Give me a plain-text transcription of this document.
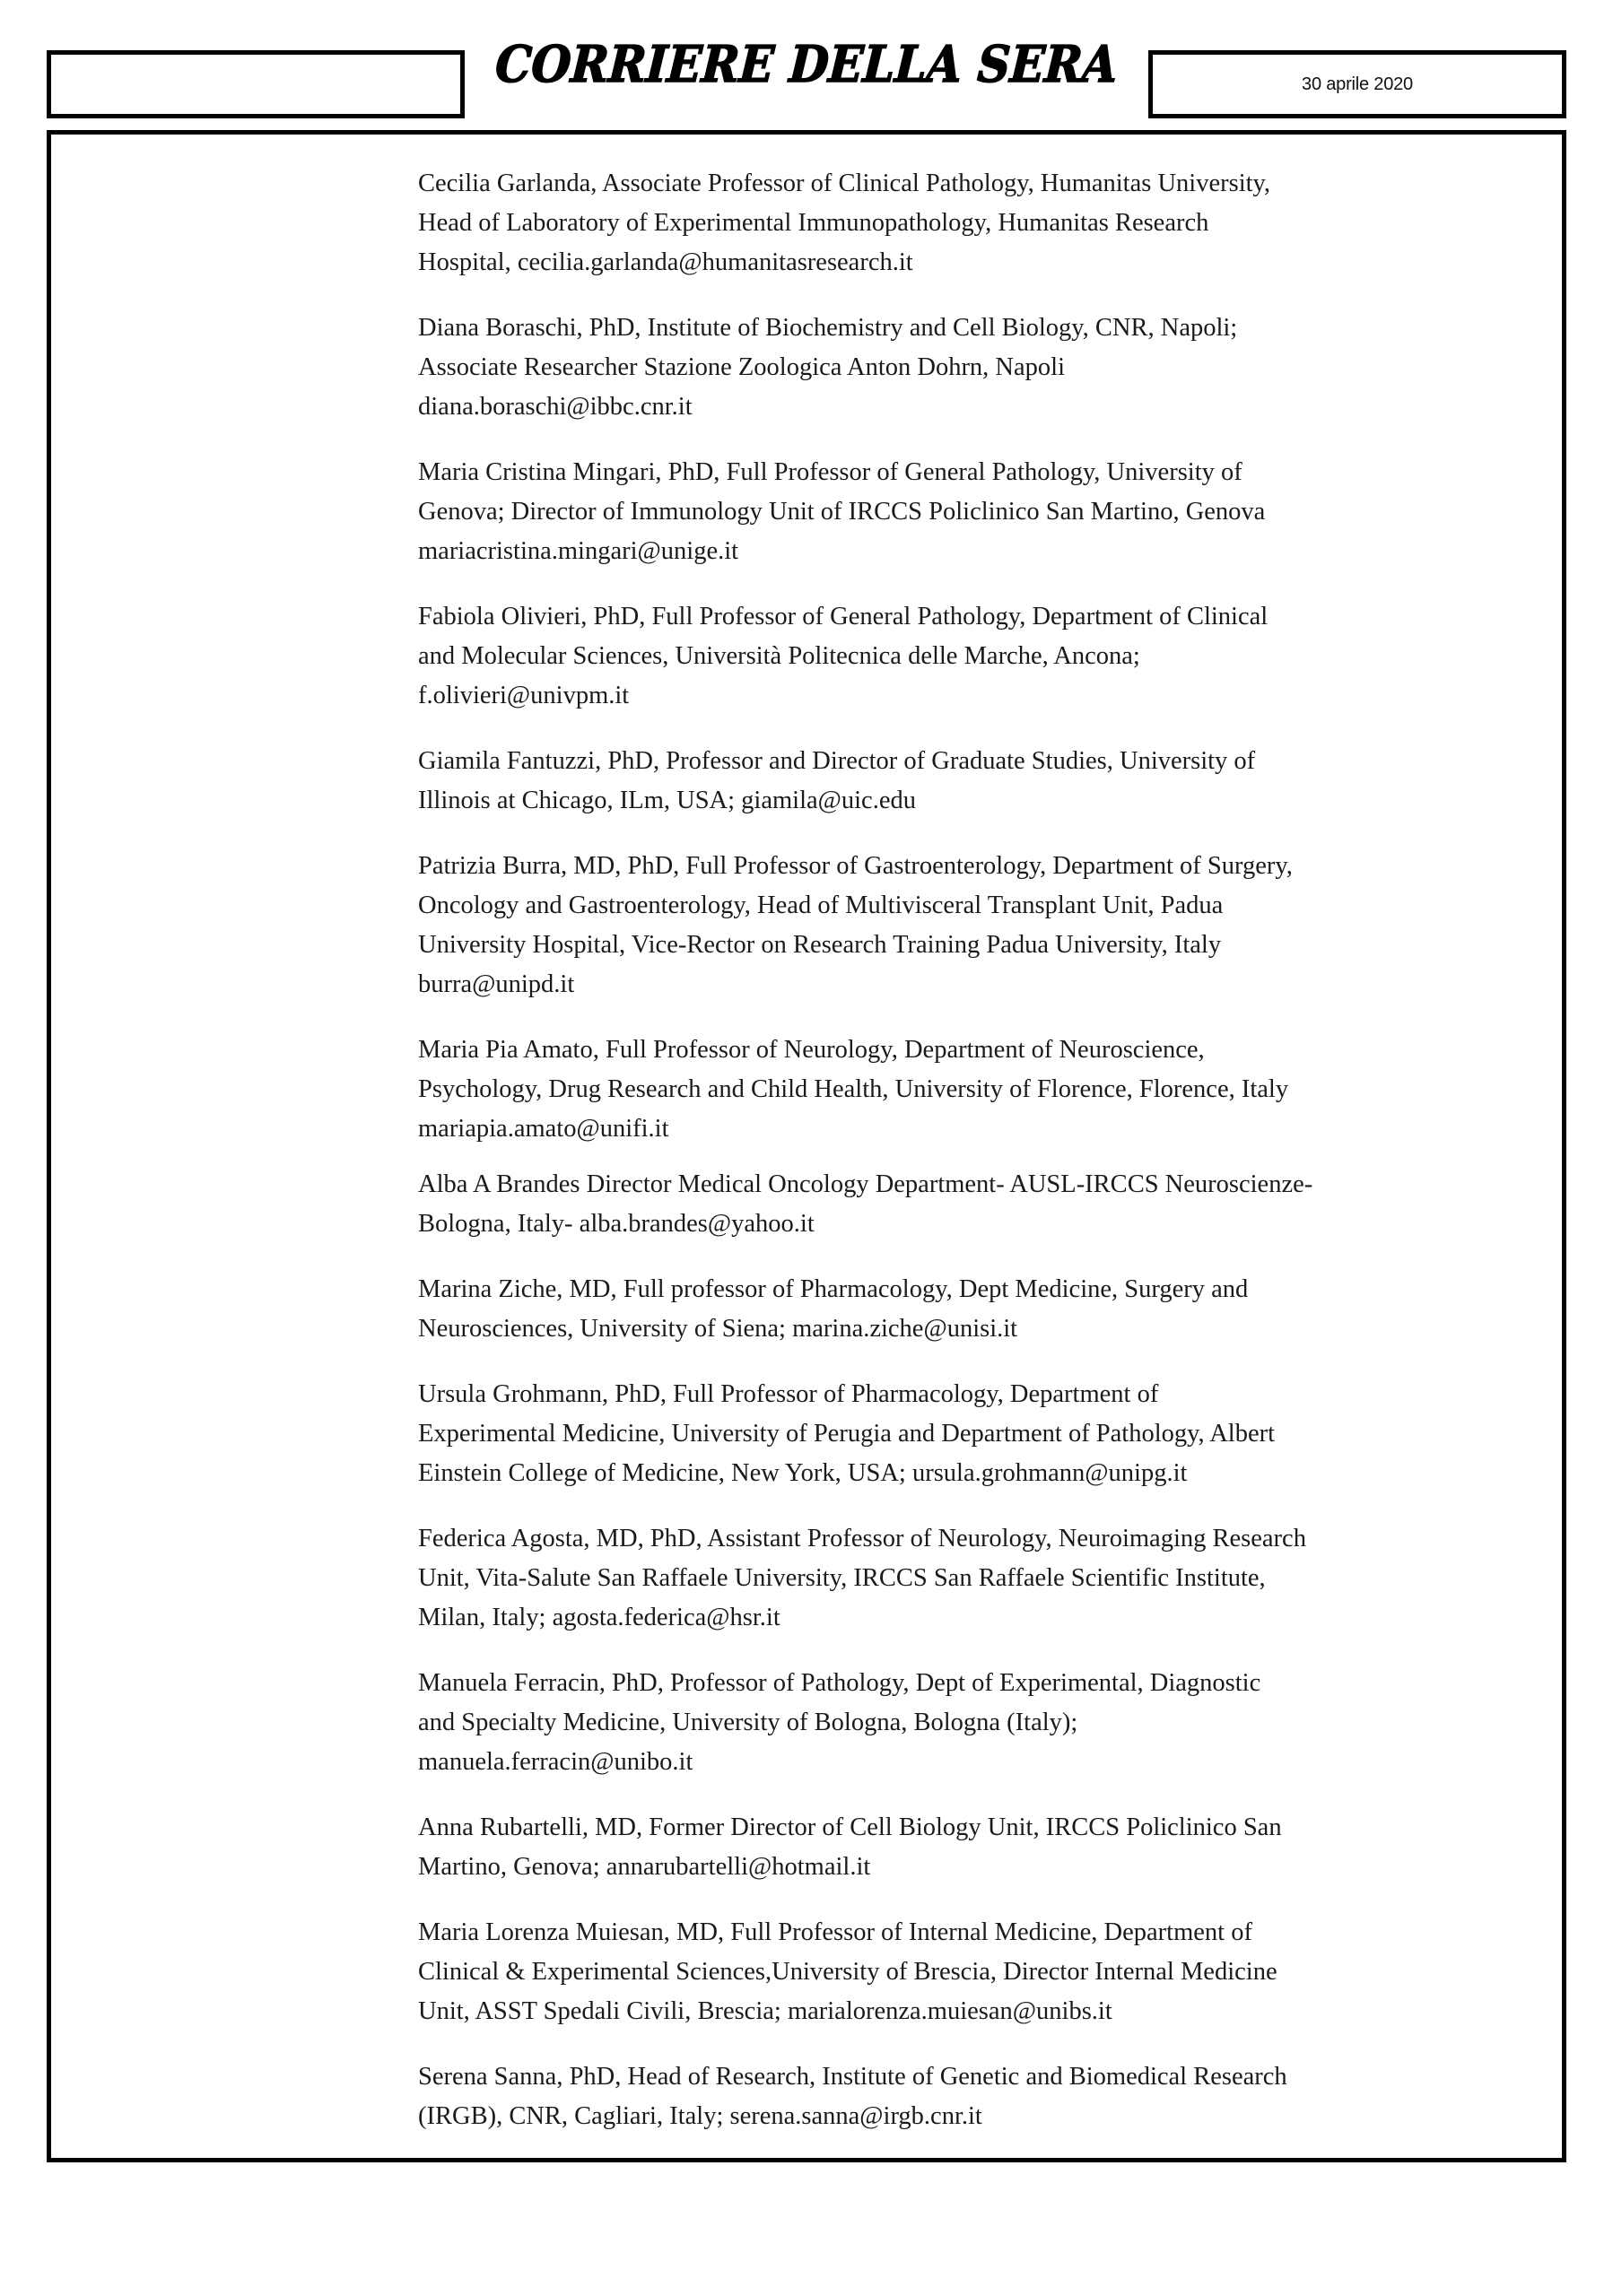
CORRIERE DELLA SERA	30 aprile 2020
Cecilia Garlanda, Associate Professor of Clinical Pathology, Humanitas University,
Head of Laboratory of Experimental Immunopathology, Humanitas Research
Hospital, cecilia.garlanda@humanitasresearch.it
Diana Boraschi, PhD, Institute of Biochemistry and Cell Biology, CNR, Napoli;
Associate Researcher Stazione Zoologica Anton Dohrn, Napoli
diana.boraschi@ibbc.cnr.it
Maria Cristina Mingari, PhD, Full Professor of General Pathology, University of
Genova; Director of Immunology Unit of IRCCS Policlinico San Martino, Genova
mariacristina.mingari@unige.it
Fabiola Olivieri, PhD, Full Professor of General Pathology, Department of Clinical
and Molecular Sciences, Università Politecnica delle Marche, Ancona;
f.olivieri@univpm.it
Giamila Fantuzzi, PhD, Professor and Director of Graduate Studies, University of
Illinois at Chicago, ILm, USA; giamila@uic.edu
Patrizia Burra, MD, PhD, Full Professor of Gastroenterology, Department of Surgery,
Oncology and Gastroenterology, Head of Multivisceral Transplant Unit, Padua
University Hospital, Vice-Rector on Research Training Padua University, Italy
burra@unipd.it
Maria Pia Amato, Full Professor of Neurology, Department of Neuroscience,
Psychology, Drug Research and Child Health, University of Florence, Florence, Italy
mariapia.amato@unifi.it
Alba A Brandes Director Medical Oncology Department- AUSL-IRCCS Neuroscienze-
Bologna, Italy- alba.brandes@yahoo.it
Marina Ziche, MD, Full professor of Pharmacology, Dept Medicine, Surgery and
Neurosciences, University of Siena; marina.ziche@unisi.it
Ursula Grohmann, PhD, Full Professor of Pharmacology, Department of
Experimental Medicine, University of Perugia and Department of Pathology, Albert
Einstein College of Medicine, New York, USA; ursula.grohmann@unipg.it
Federica Agosta, MD, PhD, Assistant Professor of Neurology, Neuroimaging Research
Unit, Vita-Salute San Raffaele University, IRCCS San Raffaele Scientific Institute,
Milan, Italy; agosta.federica@hsr.it
Manuela Ferracin, PhD, Professor of Pathology, Dept of Experimental, Diagnostic
and Specialty Medicine, University of Bologna, Bologna (Italy);
manuela.ferracin@unibo.it
Anna Rubartelli, MD, Former Director of Cell Biology Unit, IRCCS Policlinico San
Martino, Genova; annarubartelli@hotmail.it
Maria Lorenza Muiesan, MD, Full Professor of Internal Medicine, Department of
Clinical & Experimental Sciences,University of Brescia, Director Internal Medicine
Unit, ASST Spedali Civili, Brescia; marialorenza.muiesan@unibs.it
Serena Sanna, PhD, Head of Research, Institute of Genetic and Biomedical Research
(IRGB), CNR, Cagliari, Italy; serena.sanna@irgb.cnr.it
